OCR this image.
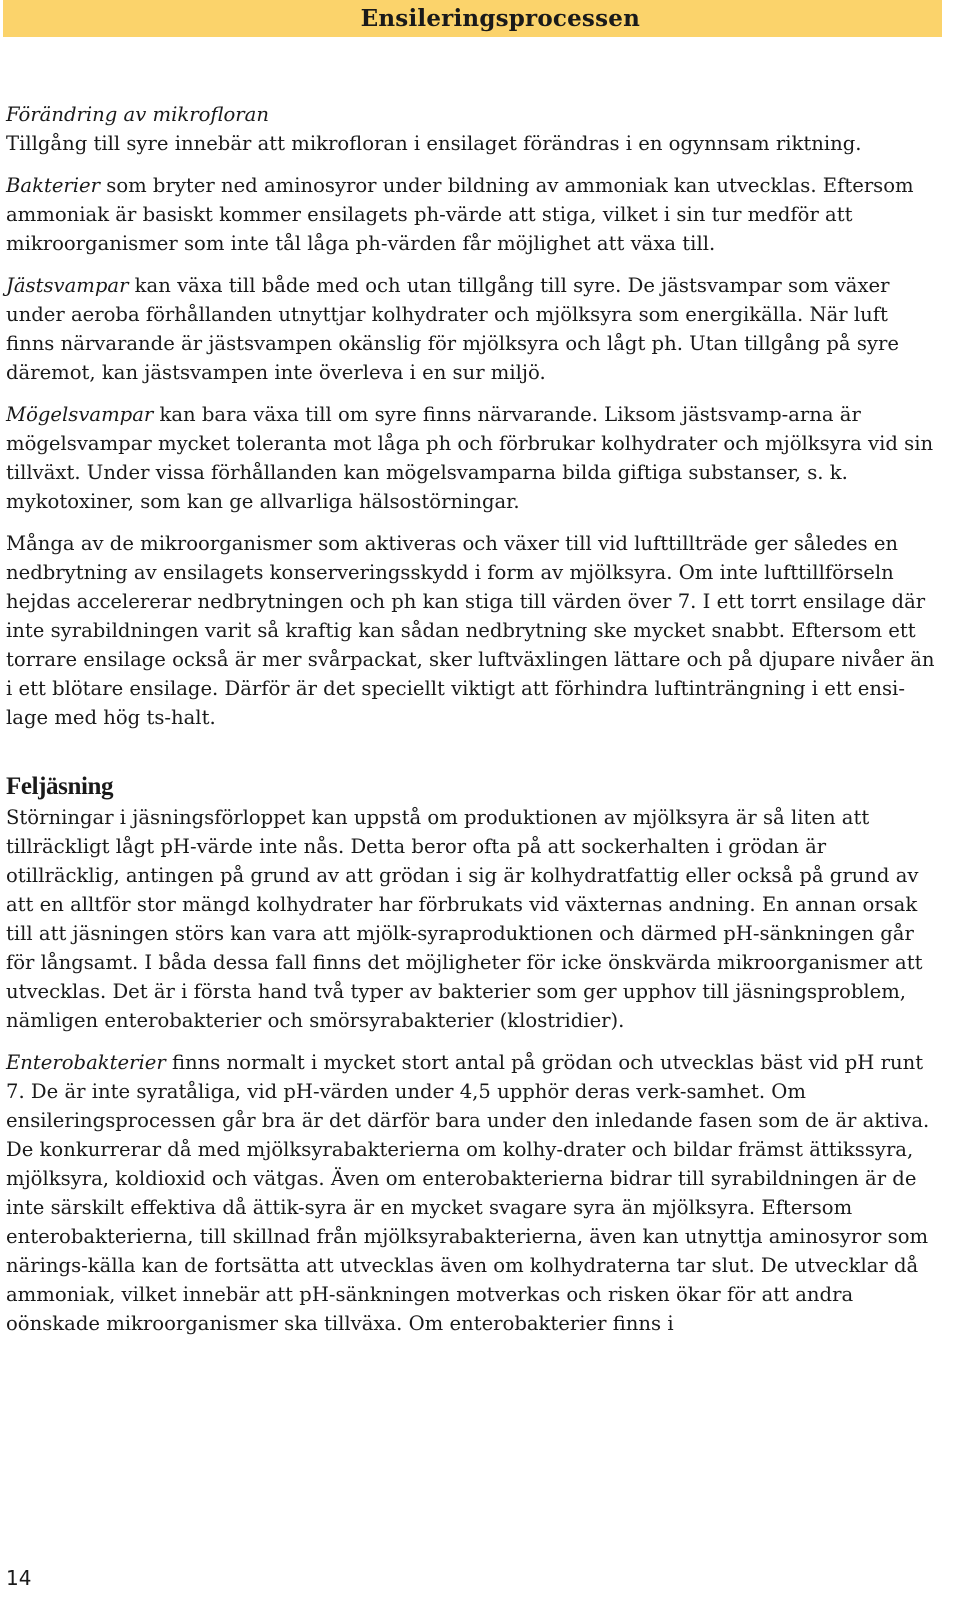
Ensileringsprocessen

Förändring av mikrofloran
Tillgång till syre innebär att mikrofloran i ensilaget förändras i en ogynnsam riktning.

Bakterier som bryter ned aminosyror under bildning av ammoniak kan utvecklas. Eftersom ammoniak är basiskt kommer ensilagets ph-värde att stiga, vilket i sin tur medför att mikroorganismer som inte tål låga ph-värden får möjlighet att växa till.

Jästsvampar kan växa till både med och utan tillgång till syre. De jästsvampar som växer under aeroba förhållanden utnyttjar kolhydrater och mjölksyra som energikälla. När luft finns närvarande är jästsvampen okänslig för mjölksyra och lågt ph. Utan tillgång på syre däremot, kan jästsvampen inte överleva i en sur miljö.

Mögelsvampar kan bara växa till om syre finns närvarande. Liksom jästsvamp-arna är mögelsvampar mycket toleranta mot låga ph och förbrukar kolhydrater och mjölksyra vid sin tillväxt. Under vissa förhållanden kan mögelsvamparna bilda giftiga substanser, s. k. mykotoxiner, som kan ge allvarliga hälsostörningar.

Många av de mikroorganismer som aktiveras och växer till vid lufttillträde ger således en nedbrytning av ensilagets konserveringsskydd i form av mjölksyra. Om inte lufttillförseln hejdas accelererar nedbrytningen och ph kan stiga till värden över 7. I ett torrt ensilage där inte syrabildningen varit så kraftig kan sådan nedbrytning ske mycket snabbt. Eftersom ett torrare ensilage också är mer svårpackat, sker luftväxlingen lättare och på djupare nivåer än i ett blötare ensilage. Därför är det speciellt viktigt att förhindra luftinträngning i ett ensi-lage med hög ts-halt.

Feljäsning

Störningar i jäsningsförloppet kan uppstå om produktionen av mjölksyra är så liten att tillräckligt lågt pH-värde inte nås. Detta beror ofta på att sockerhalten i grödan är otillräcklig, antingen på grund av att grödan i sig är kolhydratfattig eller också på grund av att en alltför stor mängd kolhydrater har förbrukats vid växternas andning. En annan orsak till att jäsningen störs kan vara att mjölk-syraproduktionen och därmed pH-sänkningen går för långsamt. I båda dessa fall finns det möjligheter för icke önskvärda mikroorganismer att utvecklas. Det är i första hand två typer av bakterier som ger upphov till jäsningsproblem, nämligen enterobakterier och smörsyrabakterier (klostridier).

Enterobakterier finns normalt i mycket stort antal på grödan och utvecklas bäst vid pH runt 7. De är inte syratåliga, vid pH-värden under 4,5 upphör deras verk-samhet. Om ensileringsprocessen går bra är det därför bara under den inledande fasen som de är aktiva. De konkurrerar då med mjölksyrabakterierna om kolhy-drater och bildar främst ättikssyra, mjölksyra, koldioxid och vätgas. Även om enterobakterierna bidrar till syrabildningen är de inte särskilt effektiva då ättik-syra är en mycket svagare syra än mjölksyra. Eftersom enterobakterierna, till skillnad från mjölksyrabakterierna, även kan utnyttja aminosyror som närings-källa kan de fortsätta att utvecklas även om kolhydraterna tar slut. De utvecklar då ammoniak, vilket innebär att pH-sänkningen motverkas och risken ökar för att andra oönskade mikroorganismer ska tillväxa. Om enterobakterier finns i

14
